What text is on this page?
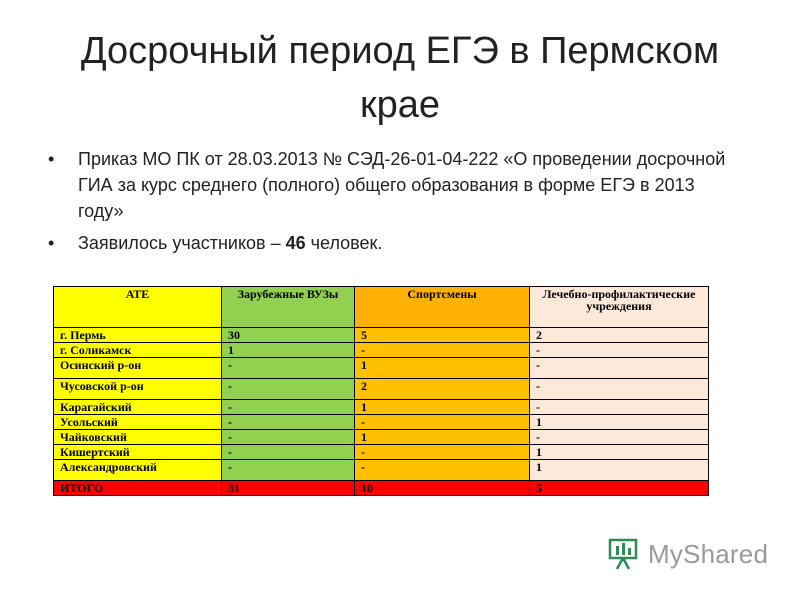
Досрочный период ЕГЭ в Пермском крае
• Приказ МО ПК от 28.03.2013 № СЭД-26-01-04-222 «О проведении досрочной ГИА за курс среднего (полного) общего образования в форме ЕГЭ в 2013 году»
• Заявилось участников – 46 человек.
АТЕ	Зарубежные ВУЗы	Спортсмены	Лечебно-профилактические учреждения
г. Пермь	30	5	2
г. Соликамск	1	-	-
Осинский р-он	-	1	-
Чусовской р-он	-	2	-
Карагайский	-	1	-
Усольский	-	-	1
Чайковский	-	1	-
Кишертский	-	-	1
Александровский	-	-	1
ИТОГО	31	10	5
MyShared
